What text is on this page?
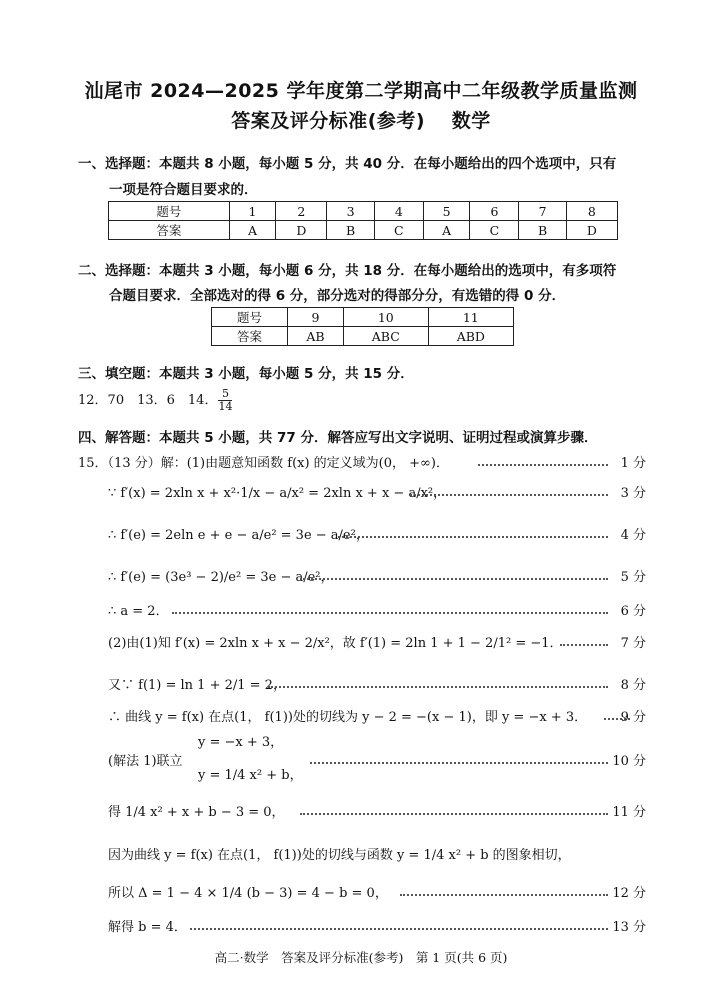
汕尾市 2024—2025 学年度第二学期高中二年级教学质量监测
答案及评分标准(参考)　 数学
一、选择题：本题共 8 小题，每小题 5 分，共 40 分．在每小题给出的四个选项中，只有
一项是符合题目要求的．
题号	1	2	3	4	5	6	7	8
答案	A	D	B	C	A	C	B	D
二、选择题：本题共 3 小题，每小题 6 分，共 18 分．在每小题给出的选项中，有多项符
合题目要求．全部选对的得 6 分，部分选对的得部分分，有选错的得 0 分．
题号	9	10	11
答案	AB	ABC	ABD
三、填空题：本题共 3 小题，每小题 5 分，共 15 分．
12．70　13．6　14． $\frac{5}{14}$
四、解答题：本题共 5 小题，共 77 分．解答应写出文字说明、证明过程或演算步骤．
15．（13 分）解：(1)由题意知函数 f(x) 的定义域为(0， +∞)．	1 分
∵ f′(x) = 2xln x + x²·1/x − a/x² = 2xln x + x − a/x²，	3 分
∴ f′(e) = 2eln e + e − a/e² = 3e − a/e²，	4 分
∴ f′(e) = (3e³ − 2)/e² = 3e − a/e²，	5 分
∴ a = 2．	6 分
(2)由(1)知 f′(x) = 2xln x + x − 2/x²，故 f′(1) = 2ln 1 + 1 − 2/1² = −1．	7 分
又∵ f(1) = ln 1 + 2/1 = 2，	8 分
∴ 曲线 y = f(x) 在点(1， f(1))处的切线为 y − 2 = −(x − 1)，即 y = −x + 3．	9 分
y = −x + 3，
(解法 1)联立
y = 1/4 x² + b，
10 分
得 1/4 x² + x + b − 3 = 0，	11 分
因为曲线 y = f(x) 在点(1， f(1))处的切线与函数 y = 1/4 x² + b 的图象相切，
所以 Δ = 1 − 4 × 1/4 (b − 3) = 4 − b = 0，	12 分
解得 b = 4．	13 分
高二·数学　答案及评分标准(参考)　第 1 页(共 6 页)
